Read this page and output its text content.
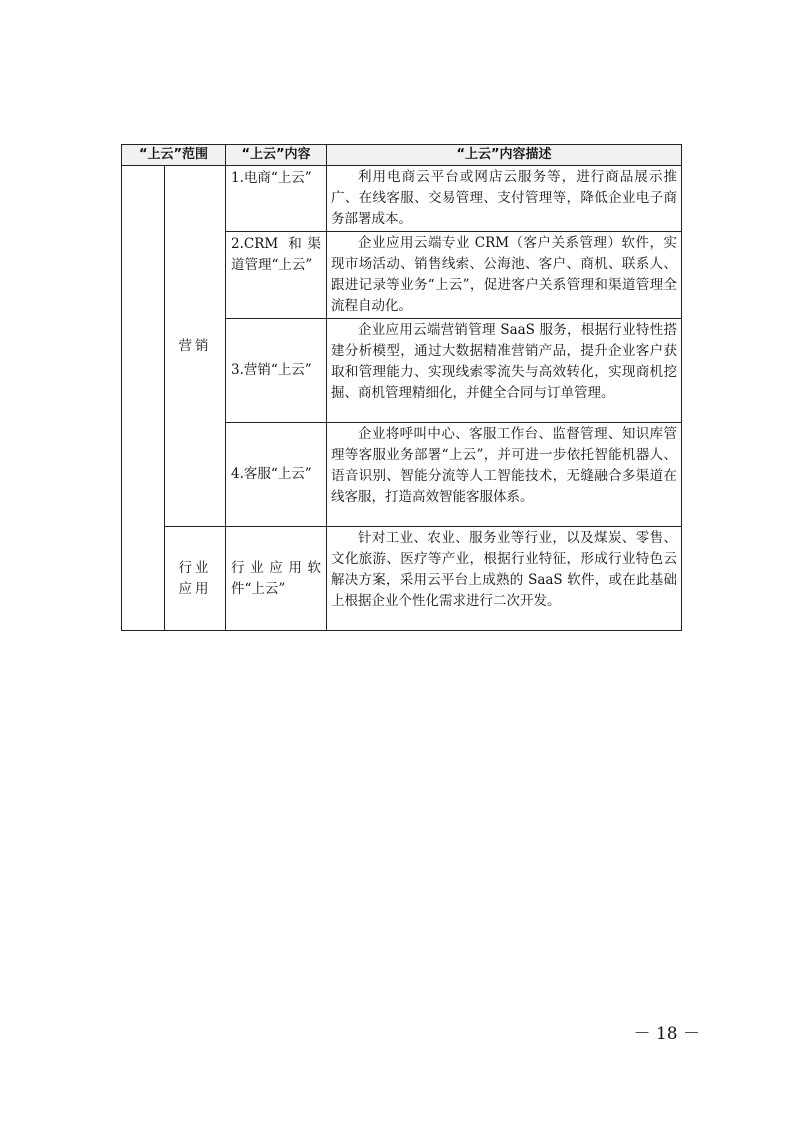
“上云”范围		“上云”内容	“上云”内容描述
	营销	1.电商“上云”	利用电商云平台或网店云服务等，进行商品展示推广、在线客服、交易管理、支付管理等，降低企业电子商务部署成本。

		2.CRM 和渠道管理“上云”	企业应用云端专业 CRM（客户关系管理）软件，实现市场活动、销售线索、公海池、客户、商机、联系人、跟进记录等业务“上云”，促进客户关系管理和渠道管理全流程自动化。

		3.营销“上云”	企业应用云端营销管理 SaaS 服务，根据行业特性搭建分析模型，通过大数据精准营销产品，提升企业客户获取和管理能力、实现线索零流失与高效转化，实现商机挖掘、商机管理精细化，并健全合同与订单管理。

		4.客服“上云”	企业将呼叫中心、客服工作台、监督管理、知识库管理等客服业务部署“上云”，并可进一步依托智能机器人、语音识别、智能分流等人工智能技术，无缝融合多渠道在线客服，打造高效智能客服体系。

	行业应用	行业应用软件“上云”	针对工业、农业、服务业等行业，以及煤炭、零售、文化旅游、医疗等产业，根据行业特征，形成行业特色云解决方案，采用云平台上成熟的 SaaS 软件，或在此基础上根据企业个性化需求进行二次开发。
－ 18 －
